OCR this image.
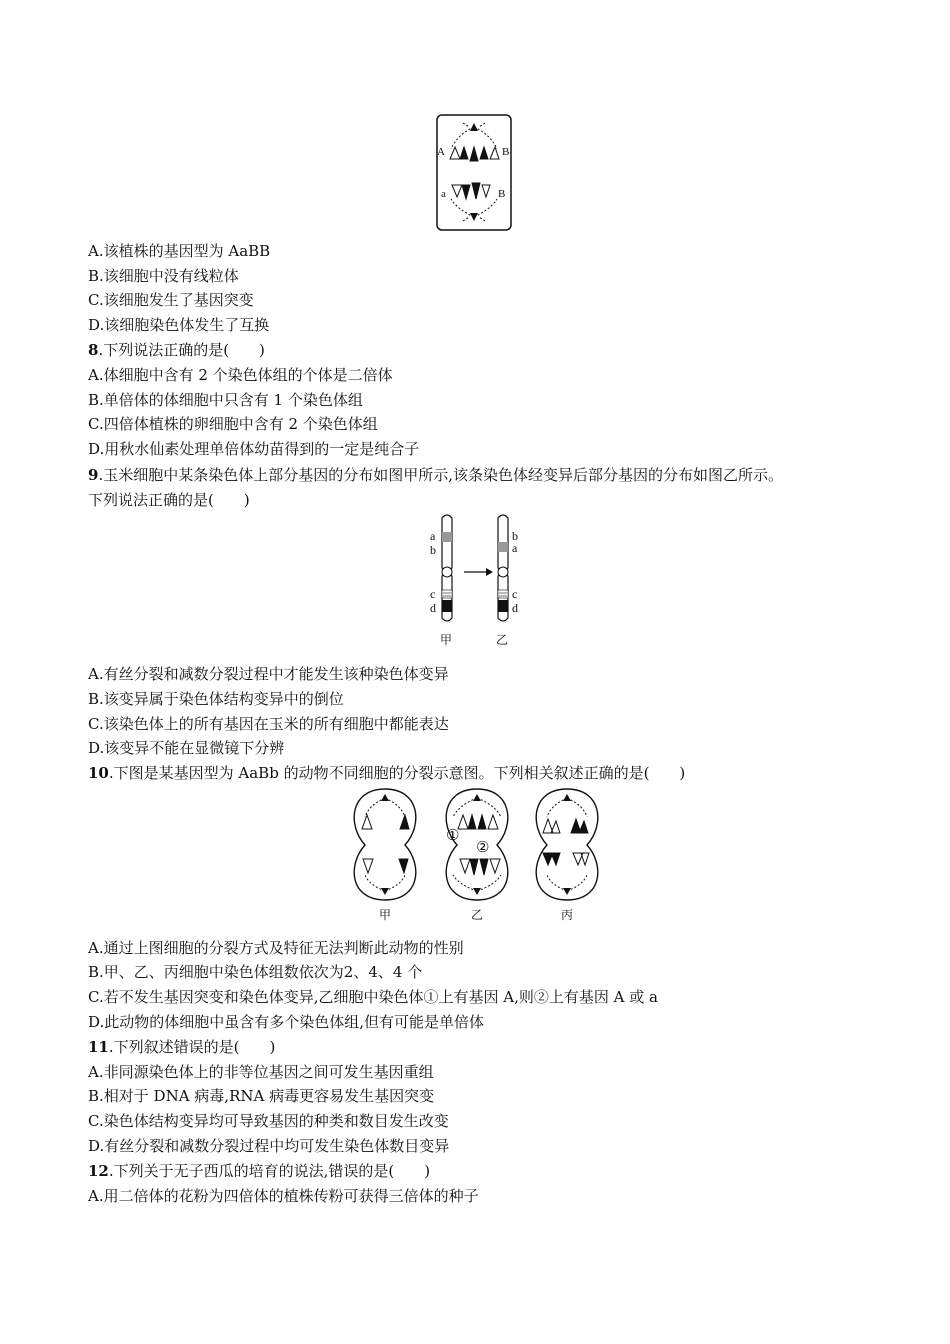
A	B
a	B
A.该植株的基因型为 AaBB
B.该细胞中没有线粒体
C.该细胞发生了基因突变
D.该细胞染色体发生了互换
8.下列说法正确的是(　　)
A.体细胞中含有 2 个染色体组的个体是二倍体
B.单倍体的体细胞中只含有 1 个染色体组
C.四倍体植株的卵细胞中含有 2 个染色体组
D.用秋水仙素处理单倍体幼苗得到的一定是纯合子
9.玉米细胞中某条染色体上部分基因的分布如图甲所示,该条染色体经变异后部分基因的分布如图乙所示。
下列说法正确的是(　　)
a
b
c
d
b
a
c
d
甲	乙
A.有丝分裂和减数分裂过程中才能发生该种染色体变异
B.该变异属于染色体结构变异中的倒位
C.该染色体上的所有基因在玉米的所有细胞中都能表达
D.该变异不能在显微镜下分辨
10.下图是某基因型为 AaBb 的动物不同细胞的分裂示意图。下列相关叙述正确的是(　　)
①
②
甲	乙	丙
A.通过上图细胞的分裂方式及特征无法判断此动物的性别
B.甲、乙、丙细胞中染色体组数依次为2、4、4 个
C.若不发生基因突变和染色体变异,乙细胞中染色体①上有基因 A,则②上有基因 A 或 a
D.此动物的体细胞中虽含有多个染色体组,但有可能是单倍体
11.下列叙述错误的是(　　)
A.非同源染色体上的非等位基因之间可发生基因重组
B.相对于 DNA 病毒,RNA 病毒更容易发生基因突变
C.染色体结构变异均可导致基因的种类和数目发生改变
D.有丝分裂和减数分裂过程中均可发生染色体数目变异
12.下列关于无子西瓜的培育的说法,错误的是(　　)
A.用二倍体的花粉为四倍体的植株传粉可获得三倍体的种子
